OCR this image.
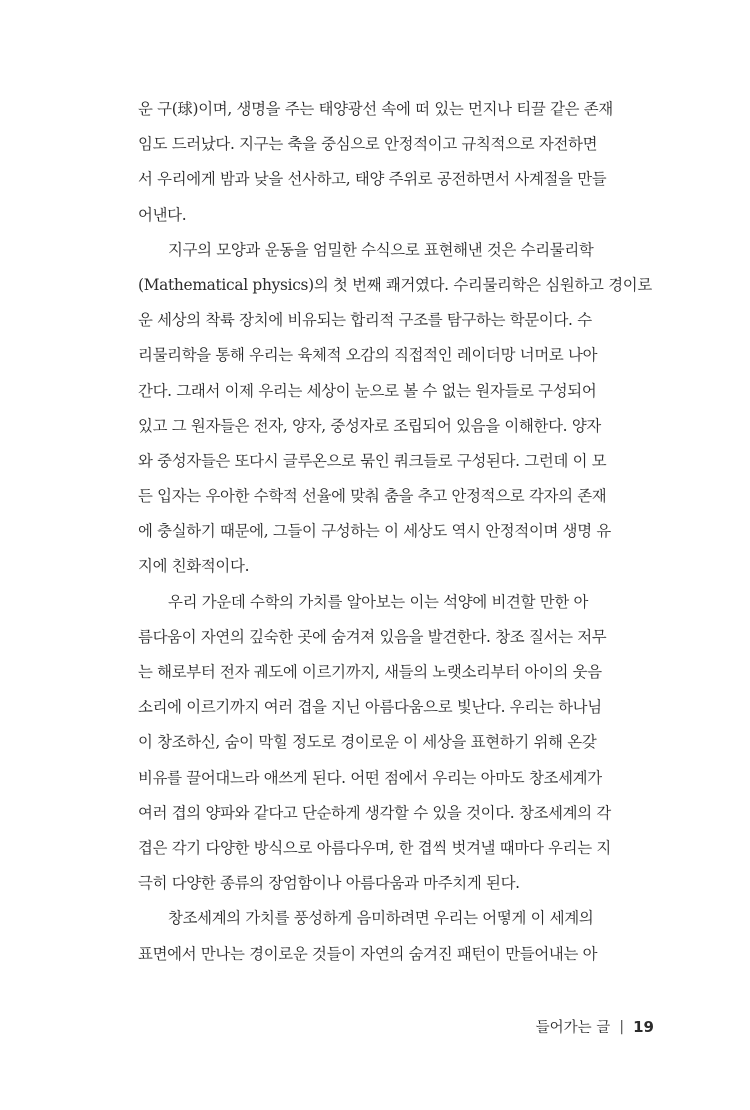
운 구(球)이며, 생명을 주는 태양광선 속에 떠 있는 먼지나 티끌 같은 존재
임도 드러났다. 지구는 축을 중심으로 안정적이고 규칙적으로 자전하면
서 우리에게 밤과 낮을 선사하고, 태양 주위로 공전하면서 사계절을 만들
어낸다.
지구의 모양과 운동을 엄밀한 수식으로 표현해낸 것은 수리물리학
(Mathematical physics)의 첫 번째 쾌거였다. 수리물리학은 심원하고 경이로
운 세상의 착륙 장치에 비유되는 합리적 구조를 탐구하는 학문이다. 수
리물리학을 통해 우리는 육체적 오감의 직접적인 레이더망 너머로 나아
간다. 그래서 이제 우리는 세상이 눈으로 볼 수 없는 원자들로 구성되어
있고 그 원자들은 전자, 양자, 중성자로 조립되어 있음을 이해한다. 양자
와 중성자들은 또다시 글루온으로 묶인 쿼크들로 구성된다. 그런데 이 모
든 입자는 우아한 수학적 선율에 맞춰 춤을 추고 안정적으로 각자의 존재
에 충실하기 때문에, 그들이 구성하는 이 세상도 역시 안정적이며 생명 유
지에 친화적이다.
우리 가운데 수학의 가치를 알아보는 이는 석양에 비견할 만한 아
름다움이 자연의 깊숙한 곳에 숨겨져 있음을 발견한다. 창조 질서는 저무
는 해로부터 전자 궤도에 이르기까지, 새들의 노랫소리부터 아이의 웃음
소리에 이르기까지 여러 겹을 지닌 아름다움으로 빛난다. 우리는 하나님
이 창조하신, 숨이 막힐 정도로 경이로운 이 세상을 표현하기 위해 온갖
비유를 끌어대느라 애쓰게 된다. 어떤 점에서 우리는 아마도 창조세계가
여러 겹의 양파와 같다고 단순하게 생각할 수 있을 것이다. 창조세계의 각
겹은 각기 다양한 방식으로 아름다우며, 한 겹씩 벗겨낼 때마다 우리는 지
극히 다양한 종류의 장엄함이나 아름다움과 마주치게 된다.
창조세계의 가치를 풍성하게 음미하려면 우리는 어떻게 이 세계의
표면에서 만나는 경이로운 것들이 자연의 숨겨진 패턴이 만들어내는 아
들어가는 글 | 19
